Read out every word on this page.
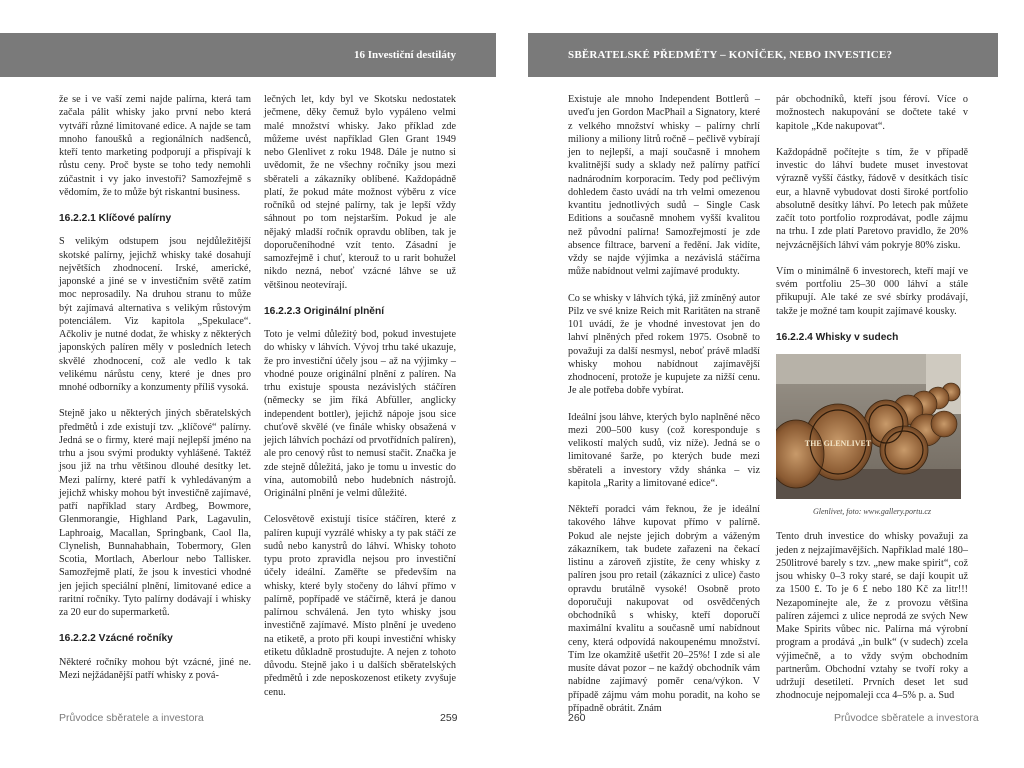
16 Investiční destiláty

že se i ve vaší zemi najde palírna, která tam začala pálit whisky jako první nebo která vytváří různé limitované edice. A najde se tam mnoho fanoušků a regionálních nadšenců, kteří tento marketing podporují a přispívají k růstu ceny. Proč byste se toho tedy nemohli zúčastnit i vy jako investoři? Samozřejmě s vědomím, že to může být riskantní business.

16.2.2.1 Klíčové palírny

S velikým odstupem jsou nejdůležitější skotské palírny, jejichž whisky také dosahují největších zhodnocení. Irské, americké, japonské a jiné se v investičním světě zatím moc neprosadily. Na druhou stranu to může být zajímavá alternativa s velikým růstovým potenciálem. Viz kapitola „Spekulace“. Ačkoliv je nutné dodat, že whisky z některých japonských palíren měly v posledních letech skvělé zhodnocení, což ale vedlo k tak velikému nárůstu ceny, které je dnes pro mnohé odborníky a konzumenty příliš vysoká.

Stejně jako u některých jiných sběratelských předmětů i zde existují tzv. „klíčové“ palírny. Jedná se o firmy, které mají nejlepší jméno na trhu a jsou svými produkty vyhlášené. Taktéž jsou již na trhu většinou dlouhé desítky let. Mezi palírny, které patří k vyhledávaným a jejichž whisky mohou být investičně zajímavé, patří například stary Ardbeg, Bowmore, Glenmorangie, Highland Park, Lagavulin, Laphroaig, Macallan, Springbank, Caol Ila, Clynelish, Bunnahabhain, Tobermory, Glen Scotia, Mortlach, Aberlour nebo Tallisker. Samozřejmě platí, že jsou k investici vhodné jen jejich speciální plnění, limitované edice a raritní ročníky. Tyto palírny dodávají i whisky za 20 eur do supermarketů.

16.2.2.2 Vzácné ročníky

Některé ročníky mohou být vzácné, jiné ne. Mezi nejžádanější patří whisky z pová-

lečných let, kdy byl ve Skotsku nedostatek ječmene, děky čemuž bylo vypáleno velmi malé množství whisky. Jako příklad zde můžeme uvést například Glen Grant 1949 nebo Glenlivet z roku 1948. Dále je nutno si uvědomit, že ne všechny ročníky jsou mezi sběrateli a zákazníky oblíbené. Každopádně platí, že pokud máte možnost výběru z více ročníků od stejné palírny, tak je lepší vždy sáhnout po tom nejstarším. Pokud je ale nějaký mladší ročník opravdu oblíben, tak je doporučeníhodné vzít tento. Zásadní je samozřejmě i chuť, kterouž to u rarit bohužel nikdo nezná, neboť vzácné láhve se už většinou neotevírají.

16.2.2.3 Originální plnění

Toto je velmi důležitý bod, pokud investujete do whisky v láhvích. Vývoj trhu také ukazuje, že pro investiční účely jsou – až na výjimky – vhodné pouze originální plnění z palíren. Na trhu existuje spousta nezávislých stáčíren (německy se jim říká Abfüller, anglicky independent bottler), jejichž nápoje jsou sice chuťově skvělé (ve finále whisky obsažená v jejich láhvích pochází od prvotřídních palíren), ale pro cenový růst to nemusí stačit. Značka je zde stejně důležitá, jako je tomu u investic do vína, automobilů nebo hudebních nástrojů. Originální plnění je velmi důležité.

Celosvětově existují tisíce stáčíren, které z palíren kupují vyzrálé whisky a ty pak stáčí ze sudů nebo kanystrů do láhví. Whisky tohoto typu proto zpravidla nejsou pro investiční účely ideální. Zaměřte se především na whisky, které byly stočeny do láhví přímo v palírně, popřípadě ve stáčírně, která je danou palírnou schválená. Jen tyto whisky jsou investičně zajímavé. Místo plnění je uvedeno na etiketě, a proto při koupi investiční whisky etiketu důkladně prostudujte. A nejen z tohoto důvodu. Stejně jako i u dalších sběratelských předmětů i zde neposkozenost etikety zvyšuje cenu.

Průvodce sběratele a investora	259
SBĚRATELSKÉ PŘEDMĚTY – KONÍČEK, NEBO INVESTICE?

Existuje ale mnoho Independent Bottlerů – uveďu jen Gordon MacPhail a Signatory, které z velkého množství whisky – palírny chrlí miliony a miliony litrů ročně – pečlivě vybírají jen to nejlepší, a mají současně i mnohem kvalitnější sudy a sklady než palírny patřící nadnárodním korporacím. Tedy pod pečlivým dohledem často uvádí na trh velmi omezenou kvantitu jednotlivých sudů – Single Cask Editions a současně mnohem vyšší kvalitou než původní palírna! Samozřejmostí je zde absence filtrace, barvení a ředění. Jak vidíte, vždy se najde výjimka a nezávislá stáčírna může nabídnout velmi zajímavé produkty.

Co se whisky v láhvích týká, již zmíněný autor Pilz ve své knize Reich mit Raritäten na straně 101 uvádí, že je vhodné investovat jen do lahví plněných před rokem 1975. Osobně to považuji za další nesmysl, neboť právě mladší whisky mohou nabídnout zajímavější zhodnocení, protože je kupujete za nižší cenu. Je ale potřeba dobře vybírat.

Ideální jsou láhve, kterých bylo naplněné něco mezi 200–500 kusy (což koresponduje s velikostí malých sudů, viz níže). Jedná se o limitované šarže, po kterých bude mezi sběrateli a investory vždy shánka – viz kapitola „Rarity a limitované edice“.

Někteří poradci vám řeknou, že je ideální takového láhve kupovat přímo v palírně. Pokud ale nejste jejich dobrým a váženým zákazníkem, tak budete zařazeni na čekací listinu a zároveň zjistíte, že ceny whisky z palíren jsou pro retail (zákazníci z ulice) často opravdu brutálně vysoké! Osobně proto doporučuji nakupovat od osvědčených obchodníků s whisky, kteří doporučí maximální kvalitu a současně umí nabídnout ceny, která odpovídá nakoupenému množství. Tím lze okamžitě ušetřit 20–25%! I zde si ale musíte dávat pozor – ne každý obchodník vám nabídne zajímavý poměr cena/výkon. V případě zájmu vám mohu poradit, na koho se případně obrátit. Znám

pár obchodníků, kteří jsou féroví. Více o možnostech nakupování se dočtete také v kapitole „Kde nakupovat“.

Každopádně počítejte s tím, že v případě investic do láhví budete muset investovat výrazně vyšší částky, řádově v desítkách tisíc eur, a hlavně vybudovat dosti široké portfolio absolutně desítky láhví. Po letech pak můžete začít toto portfolio rozprodávat, podle zájmu na trhu. I zde platí Paretovo pravidlo, že 20% nejvzácnějších láhví vám pokryje 80% zisku.

Vím o minimálně 6 investorech, kteří mají ve svém portfoliu 25–30 000 láhví a stále přikupují. Ale také ze své sbírky prodávají, takže je možné tam koupit zajímavé kousky.

16.2.2.4 Whisky v sudech
THE GLENLIVET
Glenlivet, foto: www.gallery.portu.cz

Tento druh investice do whisky považuji za jeden z nejzajímavějších. Například malé 180–250litrové barely s tzv. „new make spirit“, což jsou whisky 0–3 roky staré, se dají koupit už za 1500 £. To je 6 £ nebo 180 Kč za litr!!! Nezapomínejte ale, že z provozu většina palíren zájemci z ulice neprodá ze svých New Make Spirits vůbec nic. Palírna má výrobní program a prodává „in bulk“ (v sudech) zcela výjimečně, a to vždy svým obchodním partnerům. Obchodní vztahy se tvoří roky a udržují desetiletí. Prvních deset let sud zhodnocuje nejpomaleji cca 4–5% p. a. Sud

260	Průvodce sběratele a investora
